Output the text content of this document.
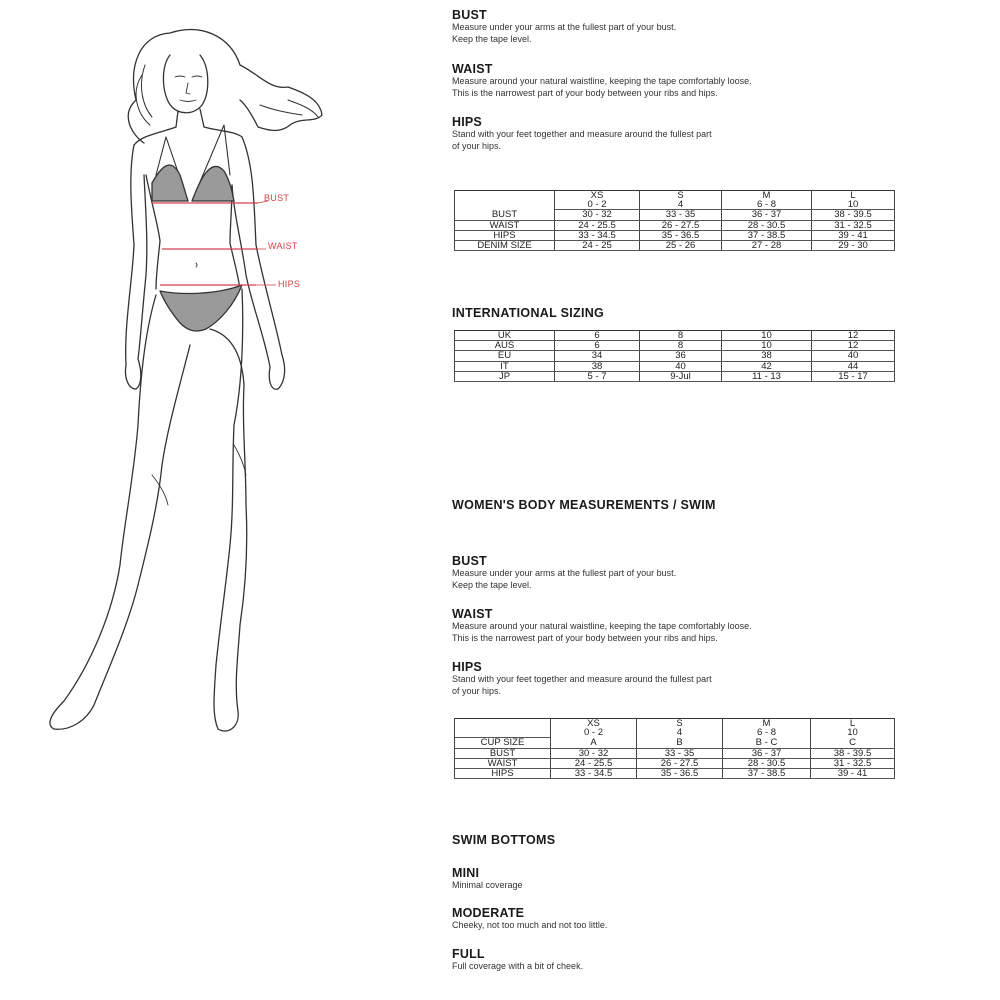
BUST
WAIST
HIPS
BUST
Measure under your arms at the fullest part of your bust.
Keep the tape level.
WAIST
Measure around your natural waistline, keeping the tape comfortably loose.
This is the narrowest part of your body between your ribs and hips.
HIPS
Stand with your feet together and measure around the fullest part
of your hips.
	XS	S	M	L
	0 - 2	4	6 - 8	10
BUST	30 - 32	33 - 35	36 - 37	38 - 39.5
WAIST	24 - 25.5	26 - 27.5	28 - 30.5	31 - 32.5
HIPS	33 - 34.5	35 - 36.5	37 - 38.5	39 - 41
DENIM SIZE	24 - 25	25 - 26	27 - 28	29 - 30
INTERNATIONAL SIZING
UK	6	8	10	12
AUS	6	8	10	12
EU	34	36	38	40
IT	38	40	42	44
JP	5 - 7	9-Jul	11 - 13	15 - 17
WOMEN'S BODY MEASUREMENTS / SWIM
BUST
Measure under your arms at the fullest part of your bust.
Keep the tape level.
WAIST
Measure around your natural waistline, keeping the tape comfortably loose.
This is the narrowest part of your body between your ribs and hips.
HIPS
Stand with your feet together and measure around the fullest part
of your hips.
	XS	S	M	L
	0 - 2	4	6 - 8	10
CUP SIZE	A	B	B - C	C
BUST	30 - 32	33 - 35	36 - 37	38 - 39.5
WAIST	24 - 25.5	26 - 27.5	28 - 30.5	31 - 32.5
HIPS	33 - 34.5	35 - 36.5	37 - 38.5	39 - 41
SWIM BOTTOMS
MINI
Minimal coverage
MODERATE
Cheeky, not too much and not too little.
FULL
Full coverage with a bit of cheek.
